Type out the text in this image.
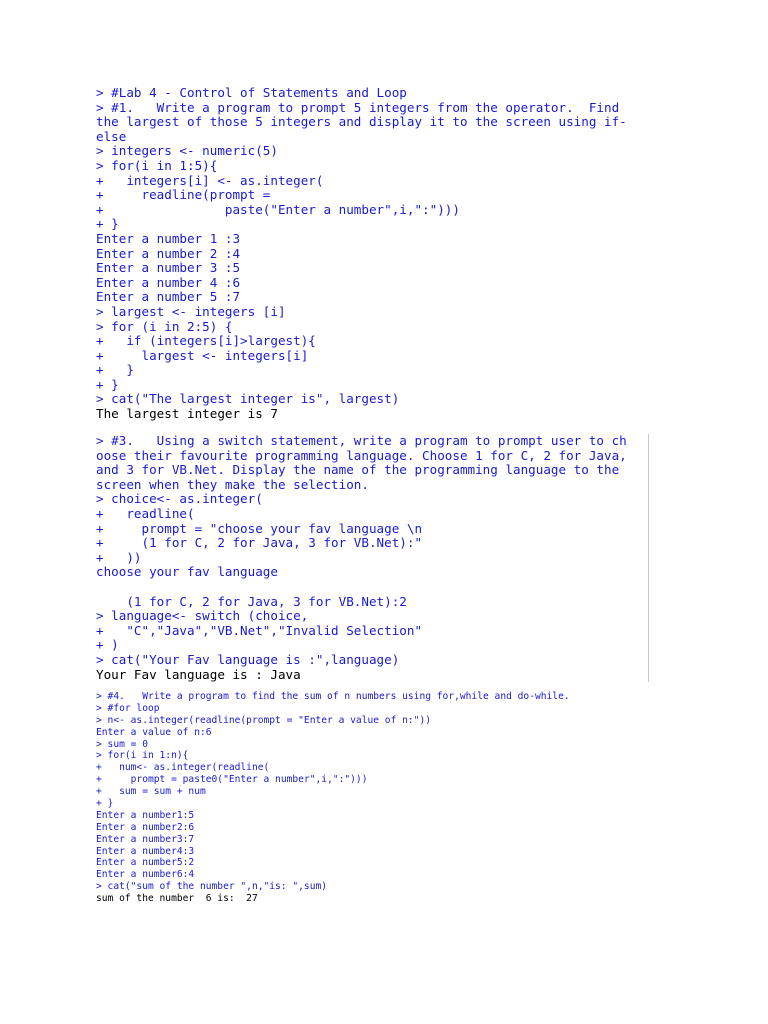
> #Lab 4 - Control of Statements and Loop
> #1.   Write a program to prompt 5 integers from the operator.  Find
the largest of those 5 integers and display it to the screen using if-
else
> integers <- numeric(5)
> for(i in 1:5){
+   integers[i] <- as.integer(
+     readline(prompt =
+                paste("Enter a number",i,":")))
+ }
Enter a number 1 :3
Enter a number 2 :4
Enter a number 3 :5
Enter a number 4 :6
Enter a number 5 :7
> largest <- integers [i]
> for (i in 2:5) {
+   if (integers[i]>largest){
+     largest <- integers[i]
+   }
+ }
> cat("The largest integer is", largest)
The largest integer is 7
> #3.   Using a switch statement, write a program to prompt user to ch
oose their favourite programming language. Choose 1 for C, 2 for Java,
and 3 for VB.Net. Display the name of the programming language to the
screen when they make the selection.
> choice<- as.integer(
+   readline(
+     prompt = "choose your fav language \n
+     (1 for C, 2 for Java, 3 for VB.Net):"
+   ))
choose your fav language
(1 for C, 2 for Java, 3 for VB.Net):2
> language<- switch (choice,
+   "C","Java","VB.Net","Invalid Selection"
+ )
> cat("Your Fav language is :",language)
Your Fav language is : Java
> #4.   Write a program to find the sum of n numbers using for,while and do-while.
> #for loop
> n<- as.integer(readline(prompt = "Enter a value of n:"))
Enter a value of n:6
> sum = 0
> for(i in 1:n){
+   num<- as.integer(readline(
+     prompt = paste0("Enter a number",i,":")))
+   sum = sum + num
+ }
Enter a number1:5
Enter a number2:6
Enter a number3:7
Enter a number4:3
Enter a number5:2
Enter a number6:4
> cat("sum of the number ",n,"is: ",sum)
sum of the number  6 is:  27
